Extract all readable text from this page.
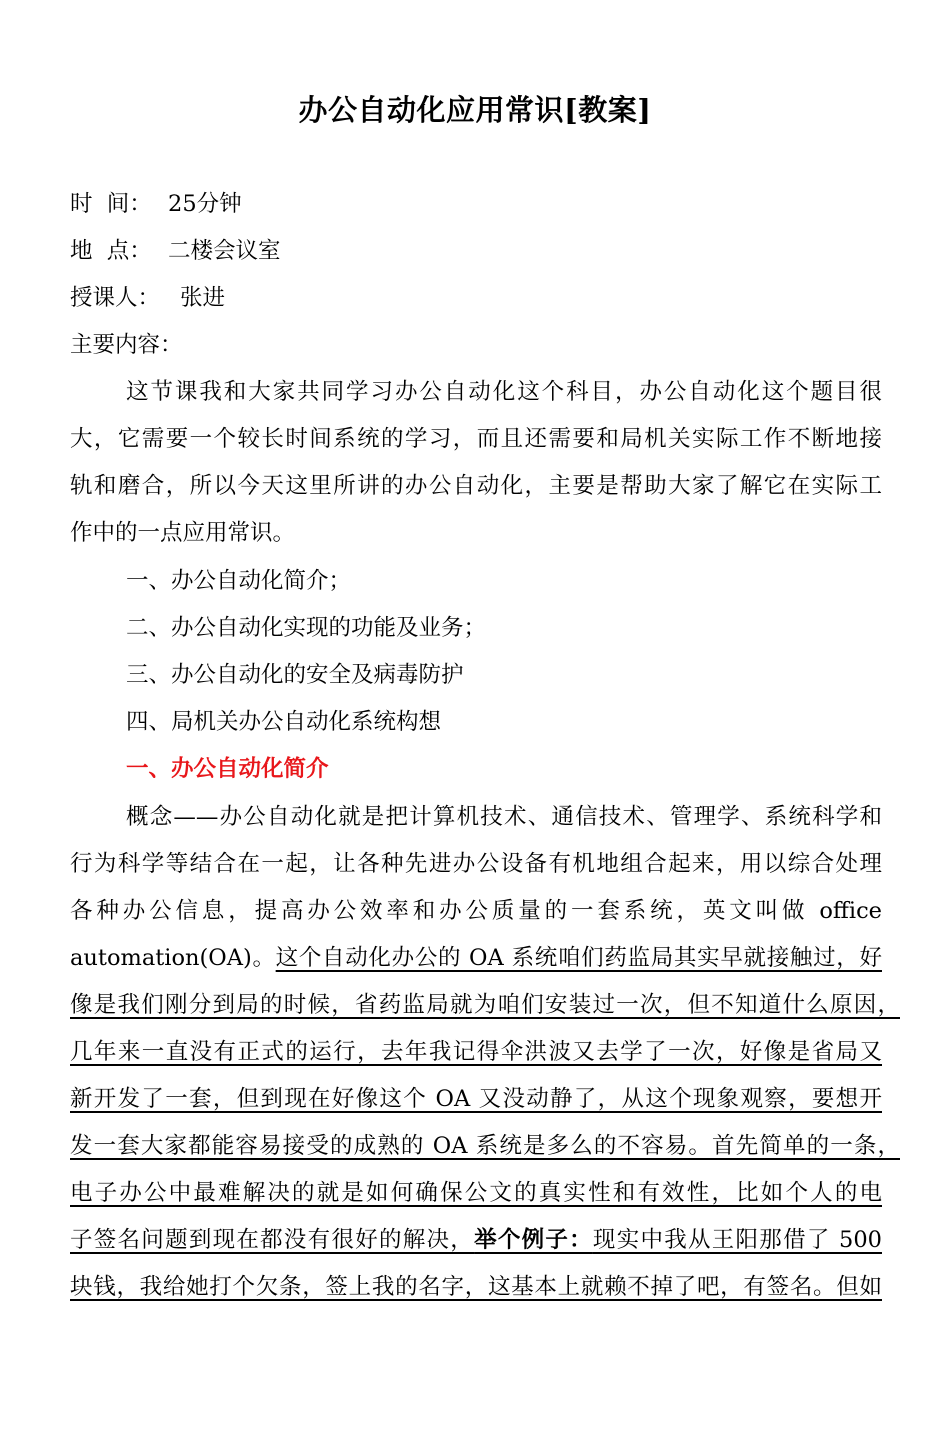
办公自动化应用常识[教案]
时  间： 25分钟
地  点： 二楼会议室
授课人： 张进
主要内容：
这节课我和大家共同学习办公自动化这个科目，办公自动化这个题目很
大，它需要一个较长时间系统的学习，而且还需要和局机关实际工作不断地接
轨和磨合，所以今天这里所讲的办公自动化，主要是帮助大家了解它在实际工
作中的一点应用常识。
一、办公自动化简介；
二、办公自动化实现的功能及业务；
三、办公自动化的安全及病毒防护
四、局机关办公自动化系统构想
一、办公自动化简介
概念——办公自动化就是把计算机技术、通信技术、管理学、系统科学和
行为科学等结合在一起，让各种先进办公设备有机地组合起来，用以综合处理
各种办公信息，提高办公效率和办公质量的一套系统，英文叫做 office
automation(OA)。这个自动化办公的 OA 系统咱们药监局其实早就接触过，好
像是我们刚分到局的时候，省药监局就为咱们安装过一次，但不知道什么原因，
几年来一直没有正式的运行，去年我记得伞洪波又去学了一次，好像是省局又
新开发了一套，但到现在好像这个 OA 又没动静了，从这个现象观察，要想开
发一套大家都能容易接受的成熟的 OA 系统是多么的不容易。首先简单的一条，
电子办公中最难解决的就是如何确保公文的真实性和有效性，比如个人的电
子签名问题到现在都没有很好的解决，举个例子：现实中我从王阳那借了 500
块钱，我给她打个欠条，签上我的名字，这基本上就赖不掉了吧，有签名。但如
